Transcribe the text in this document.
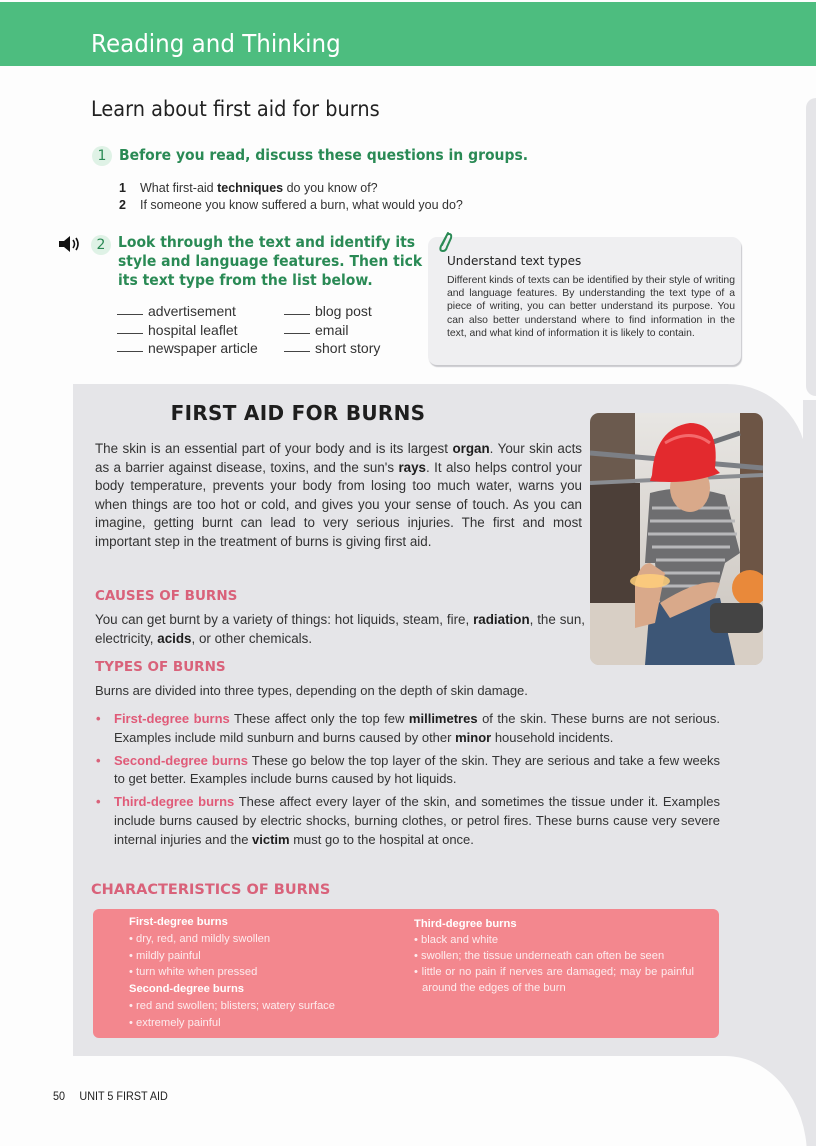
Reading and Thinking
Learn about first aid for burns
1 Before you read, discuss these questions in groups.
1	What first-aid techniques do you know of?
2	If someone you know suffered a burn, what would you do?
2 Look through the text and identify its
style and language features. Then tick
its text type from the list below.
advertisement	blog post
hospital leaflet	email
newspaper article	short story
Understand text types
Different kinds of texts can be identified by their style of writing and language features. By understanding the text type of a piece of writing, you can better understand its purpose. You can also better understand where to find information in the text, and what kind of information it is likely to contain.
FIRST AID FOR BURNS
The skin is an essential part of your body and is its largest organ. Your skin acts as a barrier against disease, toxins, and the sun's rays. It also helps control your body temperature, prevents your body from losing too much water, warns you when things are too hot or cold, and gives you your sense of touch. As you can imagine, getting burnt can lead to very serious injuries. The first and most important step in the treatment of burns is giving first aid.
CAUSES OF BURNS
You can get burnt by a variety of things: hot liquids, steam, fire, radiation, the sun, electricity, acids, or other chemicals.
TYPES OF BURNS
Burns are divided into three types, depending on the depth of skin damage.
• First-degree burns These affect only the top few millimetres of the skin. These burns are not serious. Examples include mild sunburn and burns caused by other minor household incidents.
• Second-degree burns These go below the top layer of the skin. They are serious and take a few weeks to get better. Examples include burns caused by hot liquids.
• Third-degree burns These affect every layer of the skin, and sometimes the tissue under it. Examples include burns caused by electric shocks, burning clothes, or petrol fires. These burns cause very severe internal injuries and the victim must go to the hospital at once.
CHARACTERISTICS OF BURNS
First-degree burns
• dry, red, and mildly swollen
• mildly painful
• turn white when pressed
Second-degree burns
• red and swollen; blisters; watery surface
• extremely painful
Third-degree burns
• black and white
• swollen; the tissue underneath can often be seen
• little or no pain if nerves are damaged; may be painful around the edges of the burn
50 UNIT 5 FIRST AID
